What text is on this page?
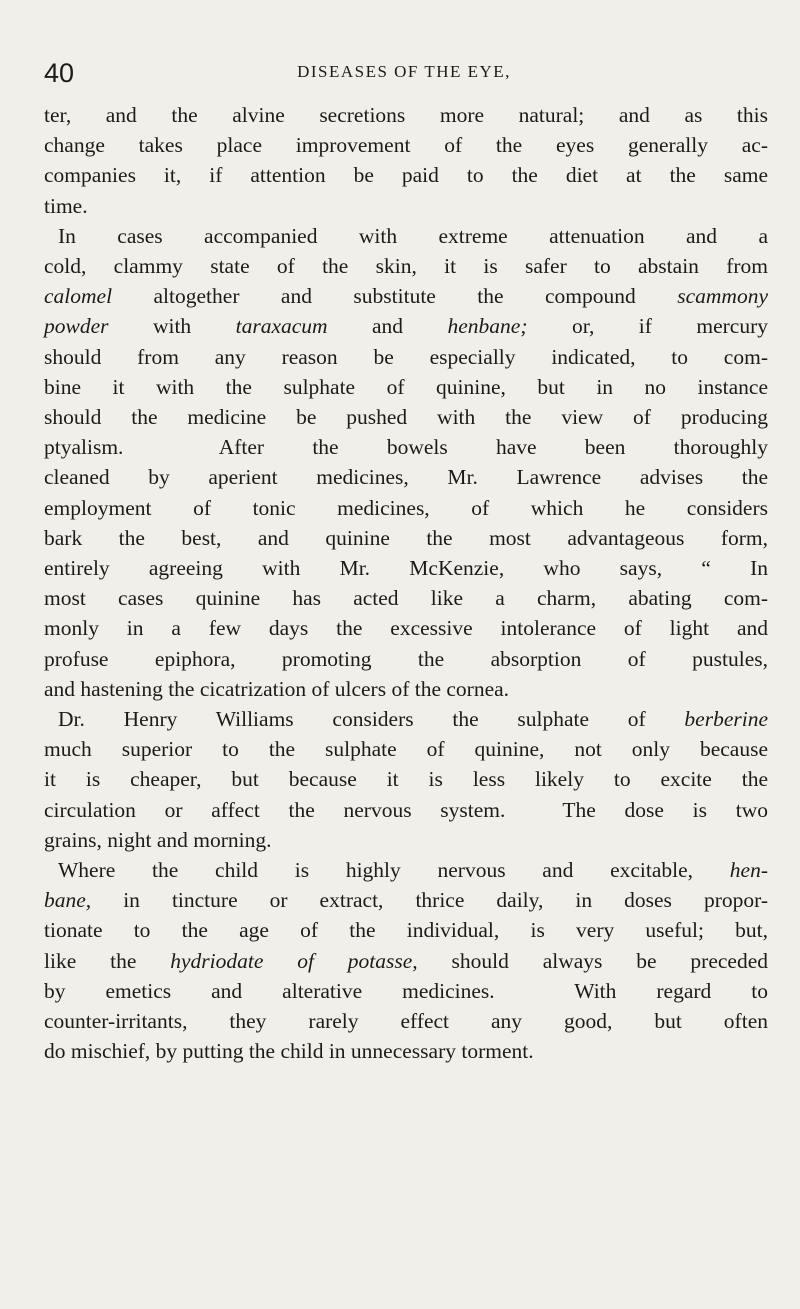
40	DISEASES OF THE EYE,
ter, and the alvine secretions more natural; and as this
change takes place improvement of the eyes generally ac-
companies it, if attention be paid to the diet at the same
time.
In cases accompanied with extreme attenuation and a
cold, clammy state of the skin, it is safer to abstain from
calomel altogether and substitute the compound scammony
powder with taraxacum and henbane; or, if mercury
should from any reason be especially indicated, to com-
bine it with the sulphate of quinine, but in no instance
should the medicine be pushed with the view of producing
ptyalism.  After the bowels have been thoroughly
cleaned by aperient medicines, Mr. Lawrence advises the
employment of tonic medicines, of which he considers
bark the best, and quinine the most advantageous form,
entirely agreeing with Mr. McKenzie, who says, “ In
most cases quinine has acted like a charm, abating com-
monly in a few days the excessive intolerance of light and
profuse epiphora, promoting the absorption of pustules,
and hastening the cicatrization of ulcers of the cornea.
Dr. Henry Williams considers the sulphate of berberine
much superior to the sulphate of quinine, not only because
it is cheaper, but because it is less likely to excite the
circulation or affect the nervous system.  The dose is two
grains, night and morning.
Where the child is highly nervous and excitable, hen-
bane, in tincture or extract, thrice daily, in doses propor-
tionate to the age of the individual, is very useful; but,
like the hydriodate of potasse, should always be preceded
by emetics and alterative medicines.  With regard to
counter-irritants, they rarely effect any good, but often
do mischief, by putting the child in unnecessary torment.
